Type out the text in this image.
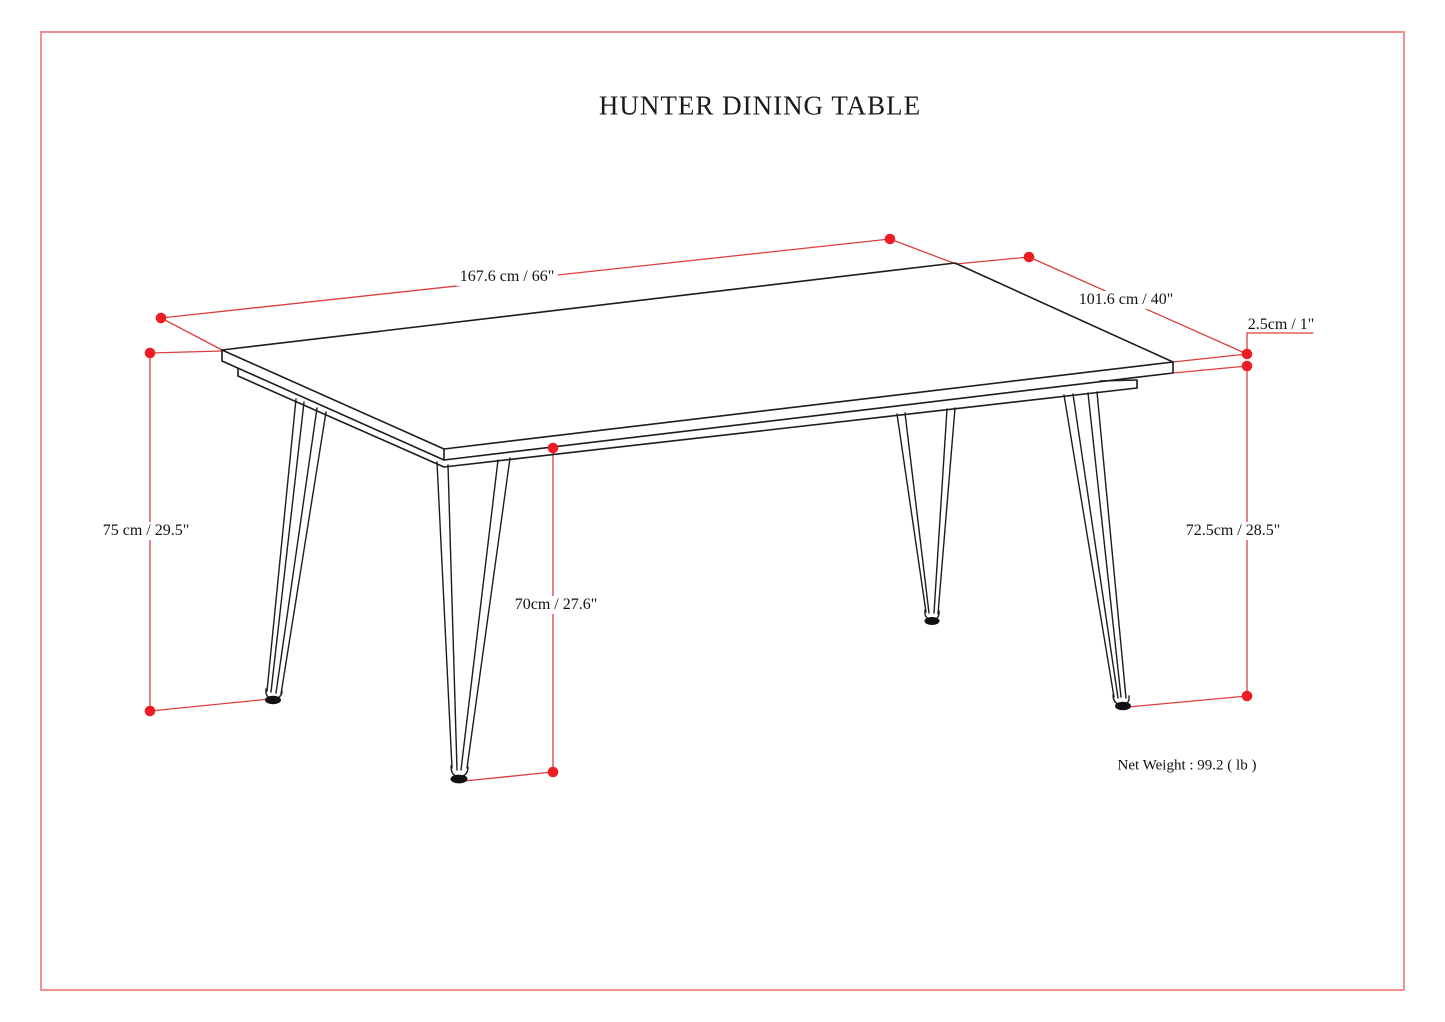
HUNTER DINING TABLE
167.6 cm / 66"
101.6 cm / 40"
2.5cm / 1"
75 cm / 29.5"
70cm / 27.6"
72.5cm / 28.5"
Net Weight : 99.2 ( lb )
